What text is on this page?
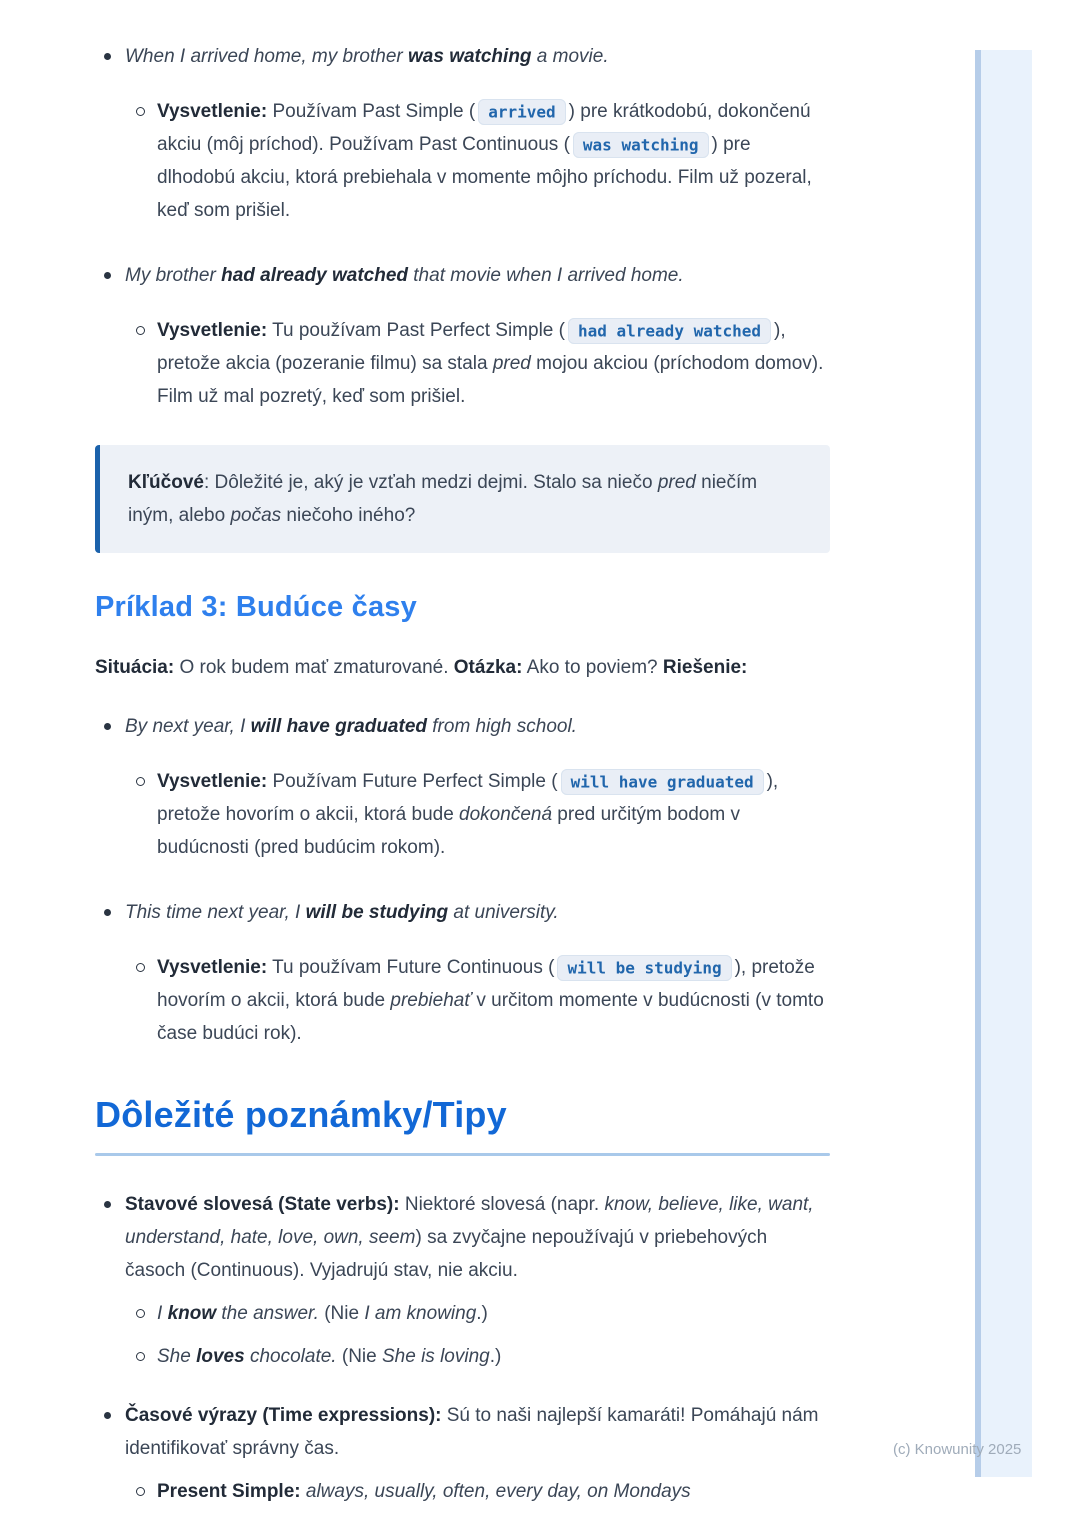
When I arrived home, my brother was watching a movie.
Vysvetlenie: Používam Past Simple ( arrived ) pre krátkodobú, dokončenú akciu (môj príchod). Používam Past Continuous ( was watching ) pre dlhodobú akciu, ktorá prebiehala v momente môjho príchodu. Film už pozeral, keď som prišiel.
My brother had already watched that movie when I arrived home.
Vysvetlenie: Tu používam Past Perfect Simple ( had already watched ), pretože akcia (pozeranie filmu) sa stala pred mojou akciou (príchodom domov). Film už mal pozretý, keď som prišiel.
Kľúčové: Dôležité je, aký je vzťah medzi dejmi. Stalo sa niečo pred niečím iným, alebo počas niečoho iného?
Príklad 3: Budúce časy
Situácia: O rok budem mať zmaturované. Otázka: Ako to poviem? Riešenie:
By next year, I will have graduated from high school.
Vysvetlenie: Používam Future Perfect Simple ( will have graduated ), pretože hovorím o akcii, ktorá bude dokončená pred určitým bodom v budúcnosti (pred budúcim rokom).
This time next year, I will be studying at university.
Vysvetlenie: Tu používam Future Continuous ( will be studying ), pretože hovorím o akcii, ktorá bude prebiehať v určitom momente v budúcnosti (v tomto čase budúci rok).
Dôležité poznámky/Tipy
Stavové slovesá (State verbs): Niektoré slovesá (napr. know, believe, like, want, understand, hate, love, own, seem) sa zvyčajne nepoužívajú v priebehových časoch (Continuous). Vyjadrujú stav, nie akciu.
I know the answer. (Nie I am knowing.)
She loves chocolate. (Nie She is loving.)
Časové výrazy (Time expressions): Sú to naši najlepší kamaráti! Pomáhajú nám identifikovať správny čas.
Present Simple: always, usually, often, every day, on Mondays
(c) Knowunity 2025
